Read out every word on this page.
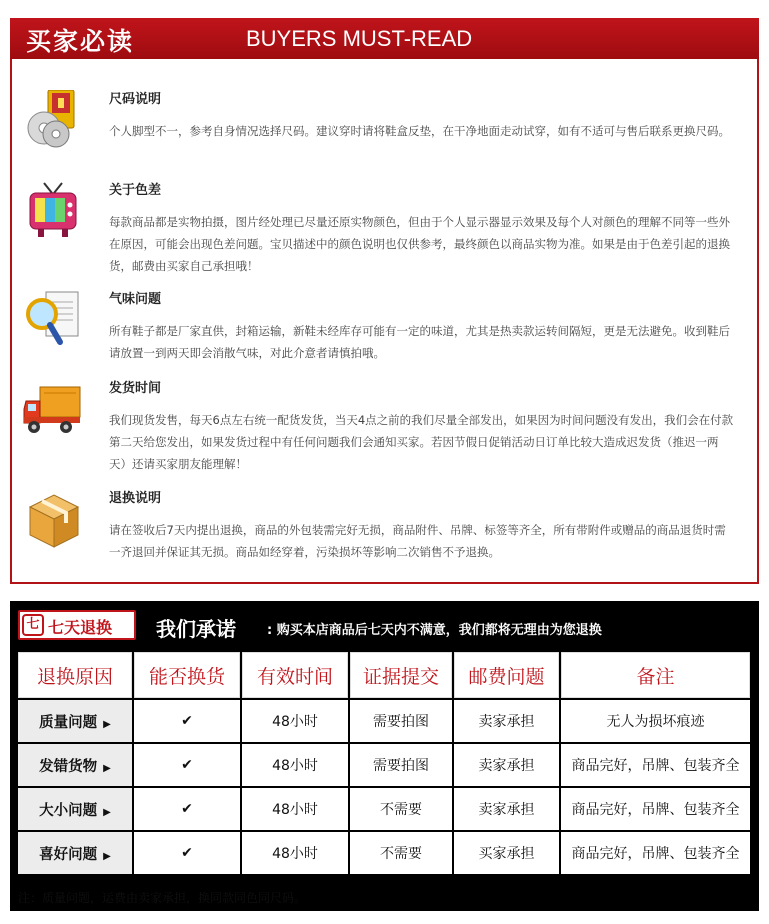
买家必读	BUYERS MUST-READ
尺码说明

个人脚型不一，参考自身情况选择尺码。建议穿时请将鞋盒反垫，在干净地面走动试穿，如有不适可与售后联系更换尺码。

关于色差

每款商品都是实物拍摄，图片经处理已尽量还原实物颜色，但由于个人显示器显示效果及每个人对颜色的理解不同等一些外在原因，可能会出现色差问题。宝贝描述中的颜色说明也仅供参考，最终颜色以商品实物为准。如果是由于色差引起的退换货，邮费由买家自己承担哦！

气味问题

所有鞋子都是厂家直供，封箱运输，新鞋未经库存可能有一定的味道，尤其是热卖款运转间隔短，更是无法避免。收到鞋后请放置一到两天即会消散气味，对此介意者请慎拍哦。

发货时间

我们现货发售，每天6点左右统一配货发货，当天4点之前的我们尽量全部发出，如果因为时间问题没有发出，我们会在付款第二天给您发出，如果发货过程中有任何问题我们会通知买家。若因节假日促销活动日订单比较大造成迟发货（推迟一两天）还请买家朋友能理解！

退换说明

请在签收后7天内提出退换，商品的外包装需完好无损，商品附件、吊牌、标签等齐全，所有带附件或赠品的商品退货时需一齐退回并保证其无损。商品如经穿着，污染损坏等影响二次销售不予退换。

七 七天退换 我们承诺 : 购买本店商品后七天内不满意，我们都将无理由为您退换
退换原因	能否换货	有效时间	证据提交	邮费问题	备注
质量问题 ▶	✔	48小时	需要拍图	卖家承担	无人为损坏痕迹
发错货物 ▶	✔	48小时	需要拍图	卖家承担	商品完好，吊牌、包装齐全
大小问题 ▶	✔	48小时	不需要	卖家承担	商品完好，吊牌、包装齐全
喜好问题 ▶	✔	48小时	不需要	买家承担	商品完好，吊牌、包装齐全
注：质量问题，运费由卖家承担，换同款同色同尺码。
